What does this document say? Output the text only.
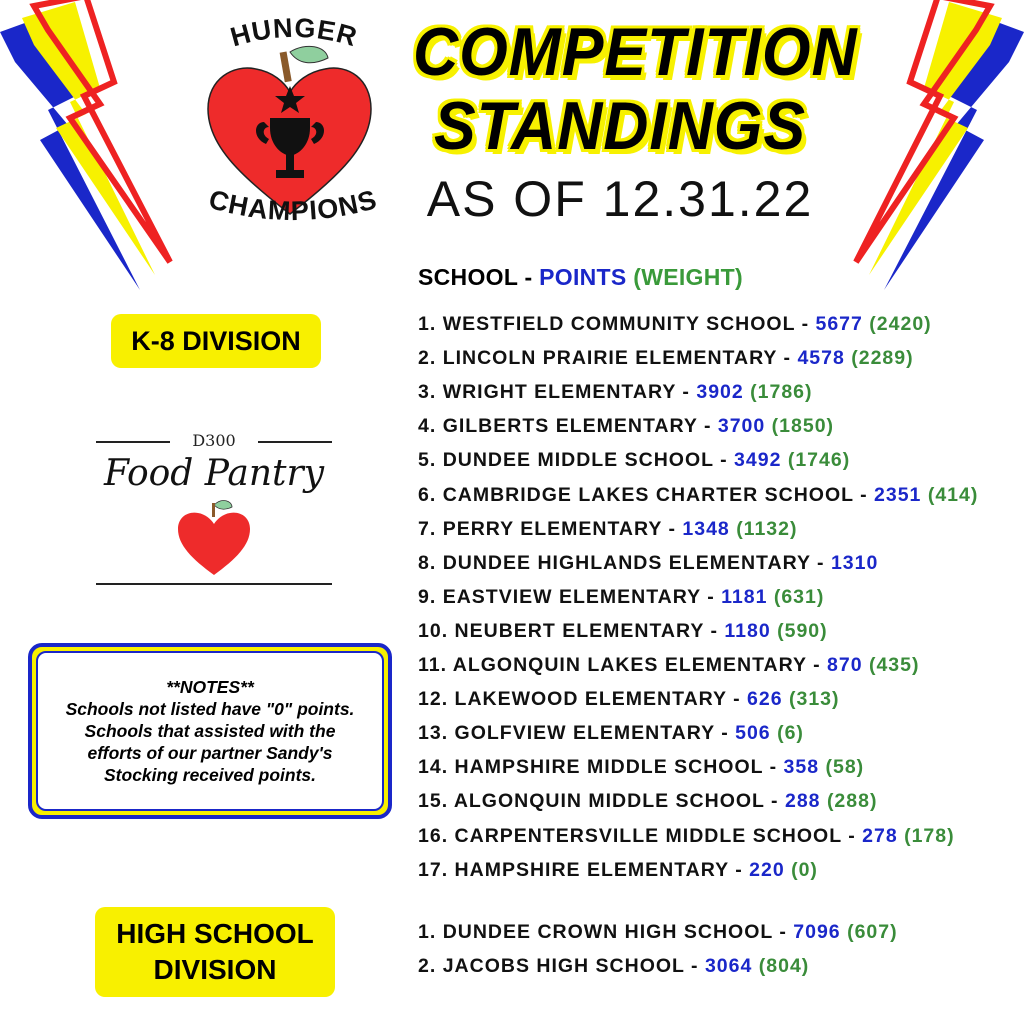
HUNGER
CHAMPIONS
COMPETITION
STANDINGS
AS OF 12.31.22
SCHOOL - POINTS (WEIGHT)
K-8 DIVISION
1. WESTFIELD COMMUNITY SCHOOL - 5677 (2420)
2. LINCOLN PRAIRIE ELEMENTARY - 4578 (2289)
3. WRIGHT ELEMENTARY - 3902 (1786)
4. GILBERTS ELEMENTARY - 3700 (1850)
5. DUNDEE MIDDLE SCHOOL - 3492 (1746)
6. CAMBRIDGE LAKES CHARTER SCHOOL - 2351 (414)
7. PERRY ELEMENTARY - 1348 (1132)
8. DUNDEE HIGHLANDS ELEMENTARY - 1310
9. EASTVIEW ELEMENTARY - 1181 (631)
10. NEUBERT ELEMENTARY - 1180 (590)
11. ALGONQUIN LAKES ELEMENTARY - 870 (435)
12. LAKEWOOD ELEMENTARY - 626 (313)
13. GOLFVIEW ELEMENTARY - 506 (6)
14. HAMPSHIRE MIDDLE SCHOOL - 358 (58)
15. ALGONQUIN MIDDLE SCHOOL - 288 (288)
16. CARPENTERSVILLE MIDDLE SCHOOL - 278 (178)
17. HAMPSHIRE ELEMENTARY - 220 (0)
HIGH SCHOOL
DIVISION
1. DUNDEE CROWN HIGH SCHOOL - 7096 (607)
2. JACOBS HIGH SCHOOL - 3064 (804)
D300
Food Pantry
**NOTES**
Schools not listed have "0" points.
Schools that assisted with the
efforts of our partner Sandy's
Stocking received points.
